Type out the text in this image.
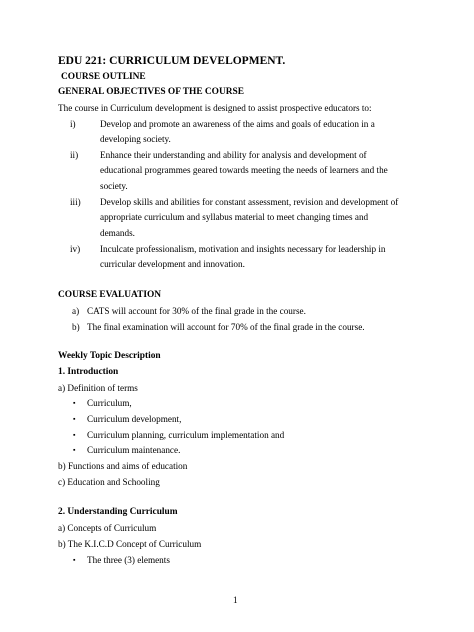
EDU 221: CURRICULUM DEVELOPMENT.
COURSE OUTLINE
GENERAL OBJECTIVES OF THE COURSE
The course in Curriculum development is designed to assist prospective educators to:
i)	Develop and promote an awareness of the aims and goals of education in a
developing society.
ii) Enhance their understanding and ability for analysis and development of
educational programmes geared towards meeting the needs of learners and the
society.
iii) Develop skills and abilities for constant assessment, revision and development of
appropriate curriculum and syllabus material to meet changing times and
demands.
iv) Inculcate professionalism, motivation and insights necessary for leadership in
curricular development and innovation.
COURSE EVALUATION
a) CATS will account for 30% of the final grade in the course.
b) The final examination will account for 70% of the final grade in the course.
Weekly Topic Description
1. Introduction
a) Definition of terms
▪ Curriculum,
▪ Curriculum development,
▪ Curriculum planning, curriculum implementation and
▪ Curriculum maintenance.
b) Functions and aims of education
c) Education and Schooling
2. Understanding Curriculum
a) Concepts of Curriculum
b) The K.I.C.D Concept of Curriculum
▪ The three (3) elements
1
